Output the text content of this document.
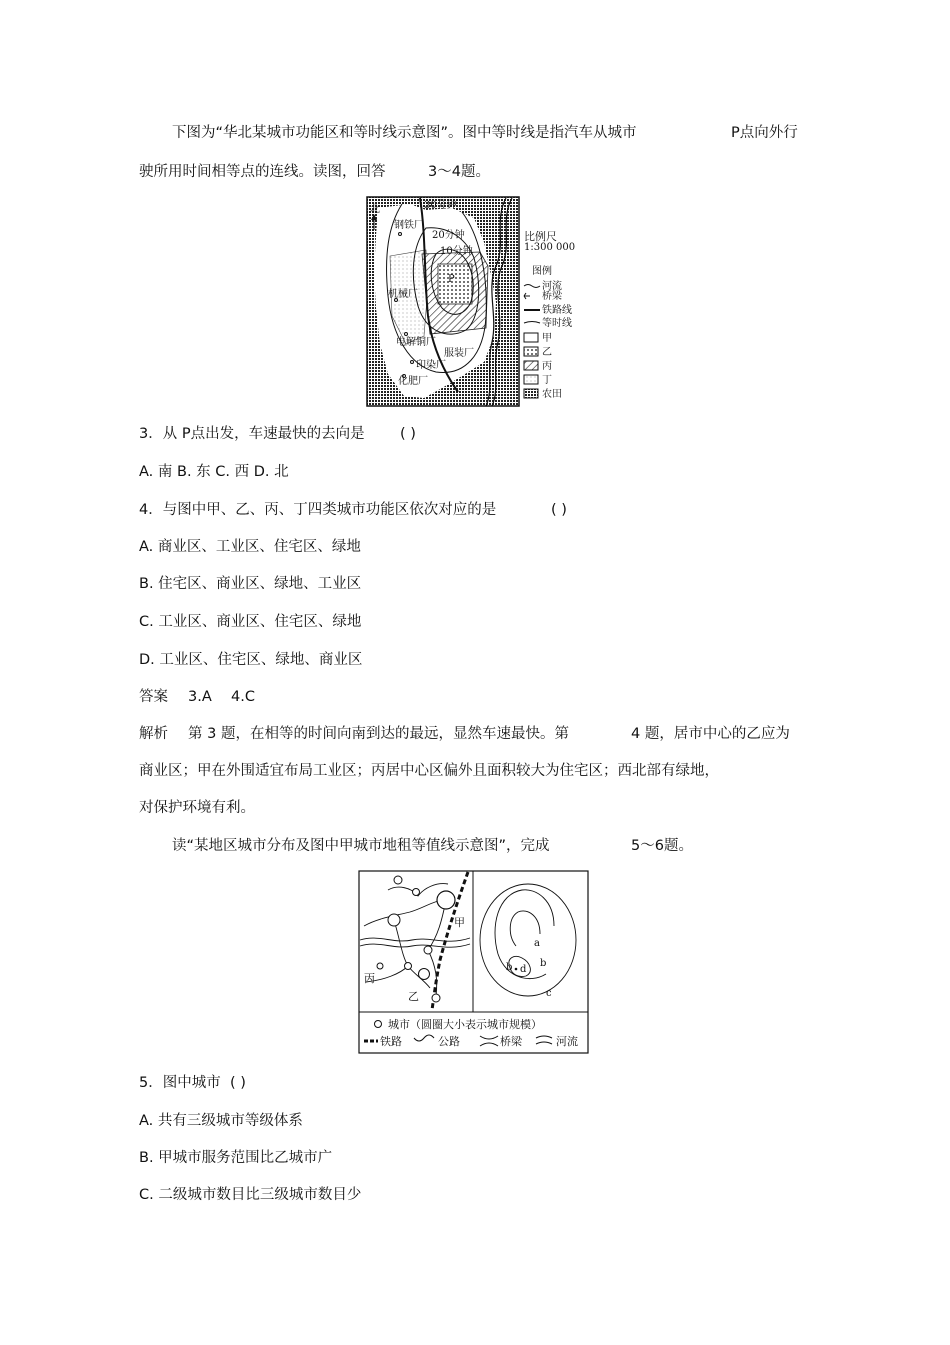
下图为“华北某城市功能区和等时线示意图”。图中等时线是指汽车从城市	P点向外行
驶所用时间相等点的连线。读图，回答	3～4题。
P
北	30分钟
20分钟
10分钟
钢铁厂
机械厂
电解铜厂
服装厂
印染厂
化肥厂
比例尺
1:300 000
图例
河流
桥梁
铁路线
等时线
甲
乙
丙
丁
农田
3．从 P点出发，车速最快的去向是 ( )
A. 南 B. 东 C. 西 D. 北
4．与图中甲、乙、丙、丁四类城市功能区依次对应的是	( )
A. 商业区、工业区、住宅区、绿地
B. 住宅区、商业区、绿地、工业区
C. 工业区、商业区、住宅区、绿地
D. 工业区、住宅区、绿地、商业区
答案 3.A 4.C
解析 第 3 题，在相等的时间向南到达的最远，显然车速最快。第	4 题，居市中心的乙应为
商业区；甲在外围适宜布局工业区；丙居中心区偏外且面积较大为住宅区；西北部有绿地，
对保护环境有利。
读“某地区城市分布及图中甲城市地租等值线示意图”，完成	5～6题。
甲
乙
丙
a
b
c
b d
城市（圆圈大小表示城市规模）
铁路	公路	桥梁	河流
5．图中城市 ( )
A. 共有三级城市等级体系
B. 甲城市服务范围比乙城市广
C. 二级城市数目比三级城市数目少
